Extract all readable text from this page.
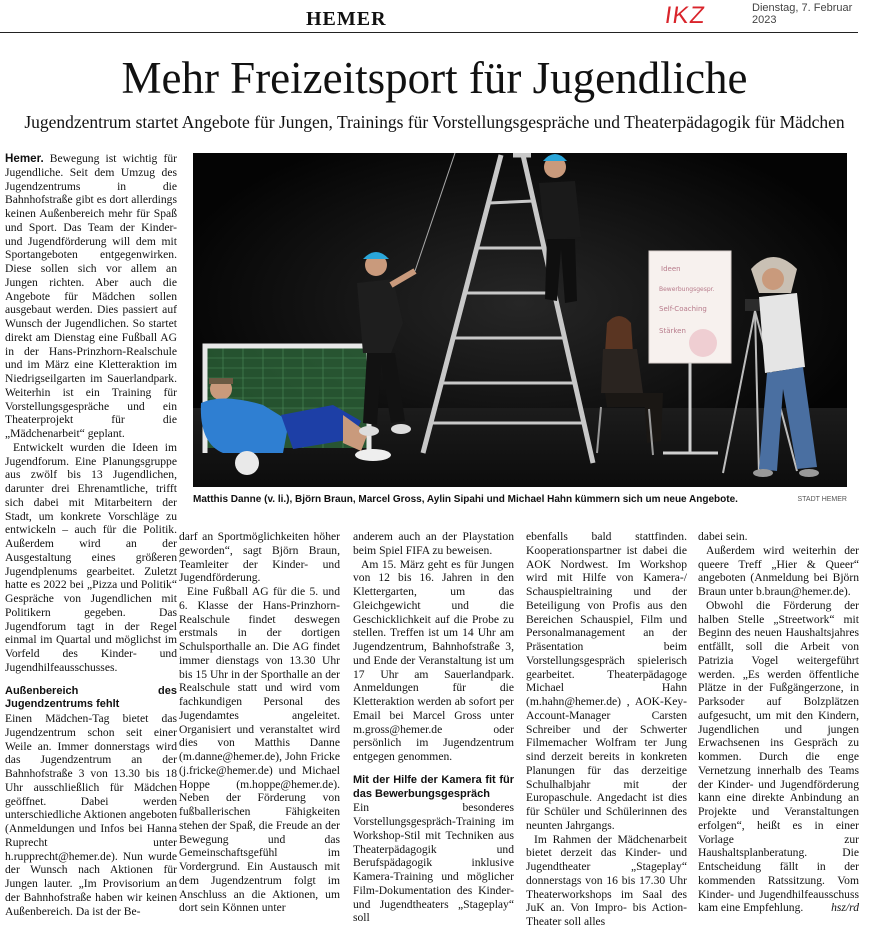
HEMER	IKZ	Dienstag, 7. Februar 2023
Mehr Freizeitsport für Jugendliche
Jugendzentrum startet Angebote für Jungen, Trainings für Vorstellungsgespräche und Theaterpädagogik für Mädchen

Hemer. Bewegung ist wichtig für Jugendliche. Seit dem Umzug des Jugendzentrums in die Bahnhofstraße gibt es dort allerdings keinen Außenbereich mehr für Spaß und Sport. Das Team der Kinder- und Jugendförderung will dem mit Sportangeboten entgegenwirken. Diese sollen sich vor allem an Jungen richten. Aber auch die Angebote für Mädchen sollen ausgebaut werden. Dies passiert auf Wunsch der Jugendlichen. So startet direkt am Dienstag eine Fußball AG in der Hans-Prinzhorn-Realschule und im März eine Kletteraktion im Niedrigseilgarten im Sauerlandpark. Weiterhin ist ein Training für Vorstellungsgespräche und ein Theaterprojekt für die „Mädchenarbeit“ geplant.

Entwickelt wurden die Ideen im Jugendforum. Eine Planungsgruppe aus zwölf bis 13 Jugendlichen, darunter drei Ehrenamtliche, trifft sich dabei mit Mitarbeitern der Stadt, um konkrete Vorschläge zu entwickeln – auch für die Politik. Außerdem wird an der Ausgestaltung eines größeren Jugendplenums gearbeitet. Zuletzt hatte es 2022 bei „Pizza und Politik“ Gespräche von Jugendlichen mit Politikern gegeben. Das Jugendforum tagt in der Regel einmal im Quartal und möglichst im Vorfeld des Kinder- und Jugendhilfeausschusses.

Außenbereich des Jugendzentrums fehlt

Einen Mädchen-Tag bietet das Jugendzentrum schon seit einer Weile an. Immer donnerstags wird das Jugendzentrum an der Bahnhofstraße 3 von 13.30 bis 18 Uhr ausschließlich für Mädchen geöffnet. Dabei werden unterschiedliche Aktionen angeboten (Anmeldungen und Infos bei Hanna Ruprecht unter h.rupprecht@hemer.de). Nun wurde der Wunsch nach Aktionen für Jungen lauter. „Im Provisorium an der Bahnhofstraße haben wir keinen Außenbereich. Da ist der Be-

Ideen
Bewerbungsgespr.
Self-Coaching
Stärken
Matthis Danne (v. li.), Björn Braun, Marcel Gross, Aylin Sipahi und Michael Hahn kümmern sich um neue Angebote.	STADT HEMER

darf an Sportmöglichkeiten höher geworden“, sagt Björn Braun, Teamleiter der Kinder- und Jugendförderung.

Eine Fußball AG für die 5. und 6. Klasse der Hans-Prinzhorn-Realschule findet deswegen erstmals in der dortigen Schulsporthalle an. Die AG findet immer dienstags von 13.30 Uhr bis 15 Uhr in der Sporthalle an der Realschule statt und wird vom fachkundigen Personal des Jugendamtes angeleitet. Organisiert und veranstaltet wird dies von Matthis Danne (m.danne@hemer.de), John Fricke (j.fricke@hemer.de) und Michael Hoppe (m.hoppe@hemer.de). Neben der Förderung von fußballerischen Fähigkeiten stehen der Spaß, die Freude an der Bewegung und das Gemeinschaftsgefühl im Vordergrund. Ein Austausch mit dem Jugendzentrum folgt im Anschluss an die Aktionen, um dort sein Können unter

anderem auch an der Playstation beim Spiel FIFA zu beweisen.

Am 15. März geht es für Jungen von 12 bis 16. Jahren in den Klettergarten, um das Gleichgewicht und die Geschicklichkeit auf die Probe zu stellen. Treffen ist um 14 Uhr am Jugendzentrum, Bahnhofstraße 3, und Ende der Veranstaltung ist um 17 Uhr am Sauerlandpark. Anmeldungen für die Kletteraktion werden ab sofort per Email bei Marcel Gross unter m.gross@hemer.de oder persönlich im Jugendzentrum entgegen genommen.

Mit der Hilfe der Kamera fit für das Bewerbungsgespräch

Ein besonderes Vorstellungsgespräch-Training im Workshop-Stil mit Techniken aus Theaterpädagogik und Berufspädagogik inklusive Kamera-Training und möglicher Film-Dokumentation des Kinder- und Jugendtheaters „Stageplay“ soll

ebenfalls bald stattfinden. Kooperationspartner ist dabei die AOK Nordwest. Im Workshop wird mit Hilfe von Kamera-/ Schauspieltraining und der Beteiligung von Profis aus den Bereichen Schauspiel, Film und Personalmanagement an der Präsentation beim Vorstellungsgespräch spielerisch gearbeitet. Theaterpädagoge Michael Hahn (m.hahn@hemer.de) , AOK-Key-Account-Manager Carsten Schreiber und der Schwerter Filmemacher Wolfram ter Jung sind derzeit bereits in konkreten Planungen für das derzeitige Schulhalbjahr mit der Europaschule. Angedacht ist dies für Schüler und Schülerinnen des neunten Jahrgangs.

Im Rahmen der Mädchenarbeit bietet derzeit das Kinder- und Jugendtheater „Stageplay“ donnerstags von 16 bis 17.30 Uhr Theaterworkshops im Saal des JuK an. Von Impro- bis Action-Theater soll alles

dabei sein.

Außerdem wird weiterhin der queere Treff „Hier & Queer“ angeboten (Anmeldung bei Björn Braun unter b.braun@hemer.de).

Obwohl die Förderung der halben Stelle „Streetwork“ mit Beginn des neuen Haushaltsjahres entfällt, soll die Arbeit von Patrizia Vogel weitergeführt werden. „Es werden öffentliche Plätze in der Fußgängerzone, in Parksoder auf Bolzplätzen aufgesucht, um mit den Kindern, Jugendlichen und jungen Erwachsenen ins Gespräch zu kommen. Durch die enge Vernetzung innerhalb des Teams der Kinder- und Jugendförderung kann eine direkte Anbindung an Projekte und Veranstaltungen erfolgen“, heißt es in einer Vorlage zur Haushaltsplanberatung. Die Entscheidung fällt in der kommenden Ratssitzung. Vom Kinder- und Jugendhilfeausschuss kam eine Empfehlung.	hsz/rd
